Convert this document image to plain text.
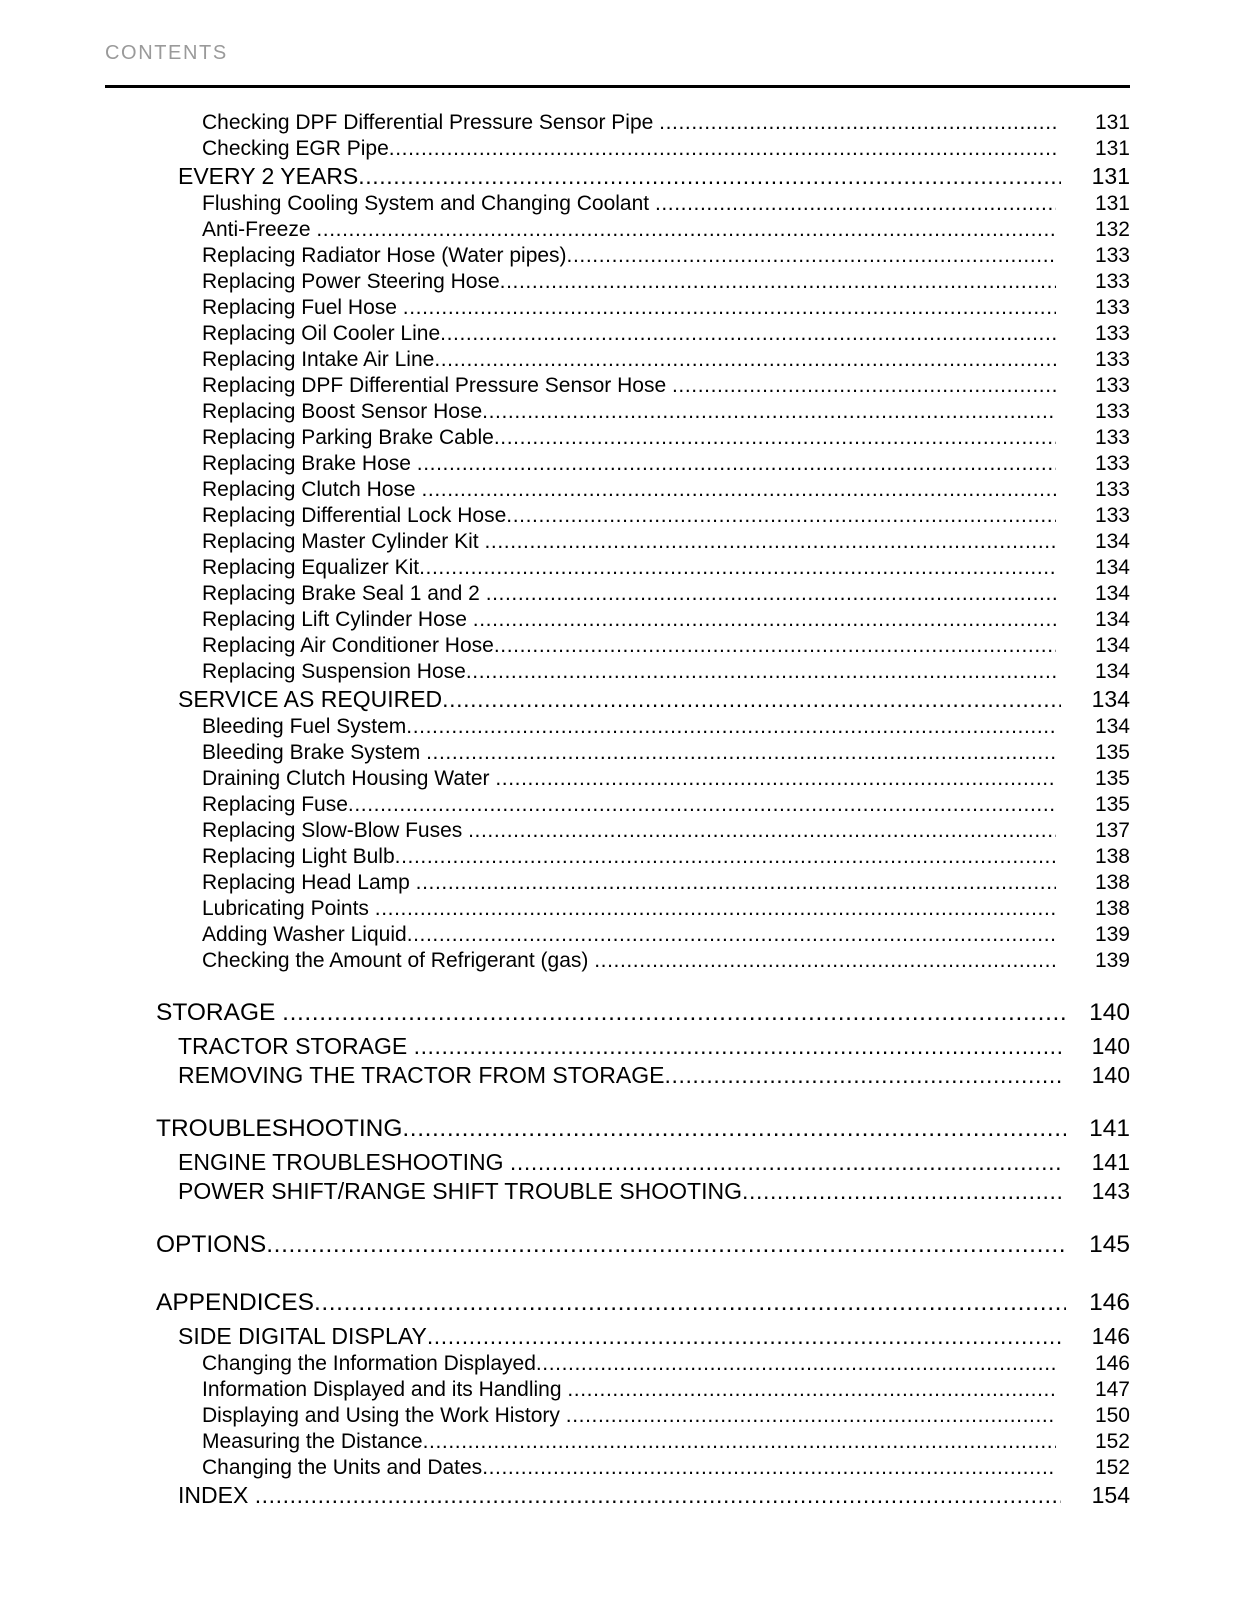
CONTENTS
Checking DPF Differential Pressure Sensor Pipe .....	131
Checking EGR Pipe .....	131
EVERY 2 YEARS .....	131
Flushing Cooling System and Changing Coolant .....	131
Anti-Freeze .....	132
Replacing Radiator Hose (Water pipes) .....	133
Replacing Power Steering Hose .....	133
Replacing Fuel Hose .....	133
Replacing Oil Cooler Line .....	133
Replacing Intake Air Line .....	133
Replacing DPF Differential Pressure Sensor Hose .....	133
Replacing Boost Sensor Hose .....	133
Replacing Parking Brake Cable .....	133
Replacing Brake Hose .....	133
Replacing Clutch Hose .....	133
Replacing Differential Lock Hose .....	133
Replacing Master Cylinder Kit .....	134
Replacing Equalizer Kit .....	134
Replacing Brake Seal 1 and 2 .....	134
Replacing Lift Cylinder Hose .....	134
Replacing Air Conditioner Hose .....	134
Replacing Suspension Hose .....	134
SERVICE AS REQUIRED .....	134
Bleeding Fuel System .....	134
Bleeding Brake System .....	135
Draining Clutch Housing Water .....	135
Replacing Fuse .....	135
Replacing Slow-Blow Fuses .....	137
Replacing Light Bulb .....	138
Replacing Head Lamp .....	138
Lubricating Points .....	138
Adding Washer Liquid .....	139
Checking the Amount of Refrigerant (gas) .....	139
STORAGE .....	140
TRACTOR STORAGE .....	140
REMOVING THE TRACTOR FROM STORAGE .....	140
TROUBLESHOOTING .....	141
ENGINE TROUBLESHOOTING .....	141
POWER SHIFT/RANGE SHIFT TROUBLE SHOOTING .....	143
OPTIONS .....	145
APPENDICES .....	146
SIDE DIGITAL DISPLAY .....	146
Changing the Information Displayed .....	146
Information Displayed and its Handling .....	147
Displaying and Using the Work History .....	150
Measuring the Distance .....	152
Changing the Units and Dates .....	152
INDEX .....	154
